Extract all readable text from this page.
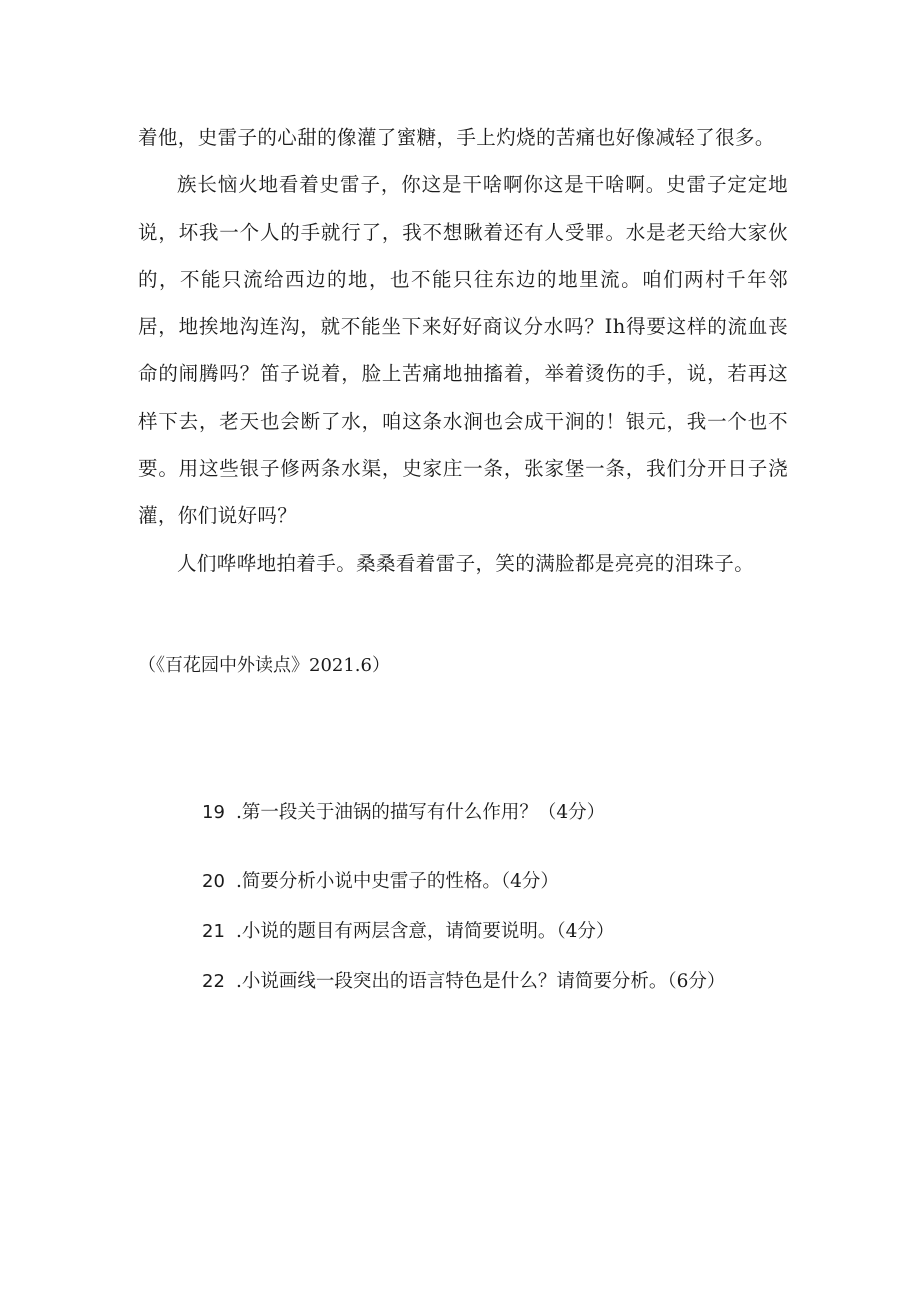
着他，史雷子的心甜的像灌了蜜糖，手上灼烧的苦痛也好像减轻了很多。

族长恼火地看着史雷子，你这是干啥啊你这是干啥啊。史雷子定定地说，坏我一个人的手就行了，我不想瞅着还有人受罪。水是老天给大家伙的，不能只流给西边的地，也不能只往东边的地里流。咱们两村千年邻居，地挨地沟连沟，就不能坐下来好好商议分水吗？Ih得要这样的流血丧命的闹腾吗？笛子说着，脸上苦痛地抽搐着，举着烫伤的手，说，若再这样下去，老天也会断了水，咱这条水涧也会成干涧的！银元，我一个也不要。用这些银子修两条水渠，史家庄一条，张家堡一条，我们分开日子浇灌，你们说好吗？

人们哗哗地拍着手。桑桑看着雷子，笑的满脸都是亮亮的泪珠子。

（《百花园中外读点》2021.6）

19 .第一段关于油锅的描写有什么作用？（4分）
20 .简要分析小说中史雷子的性格。（4分）
21 .小说的题目有两层含意，请简要说明。（4分）
22 .小说画线一段突出的语言特色是什么？请简要分析。（6分）
